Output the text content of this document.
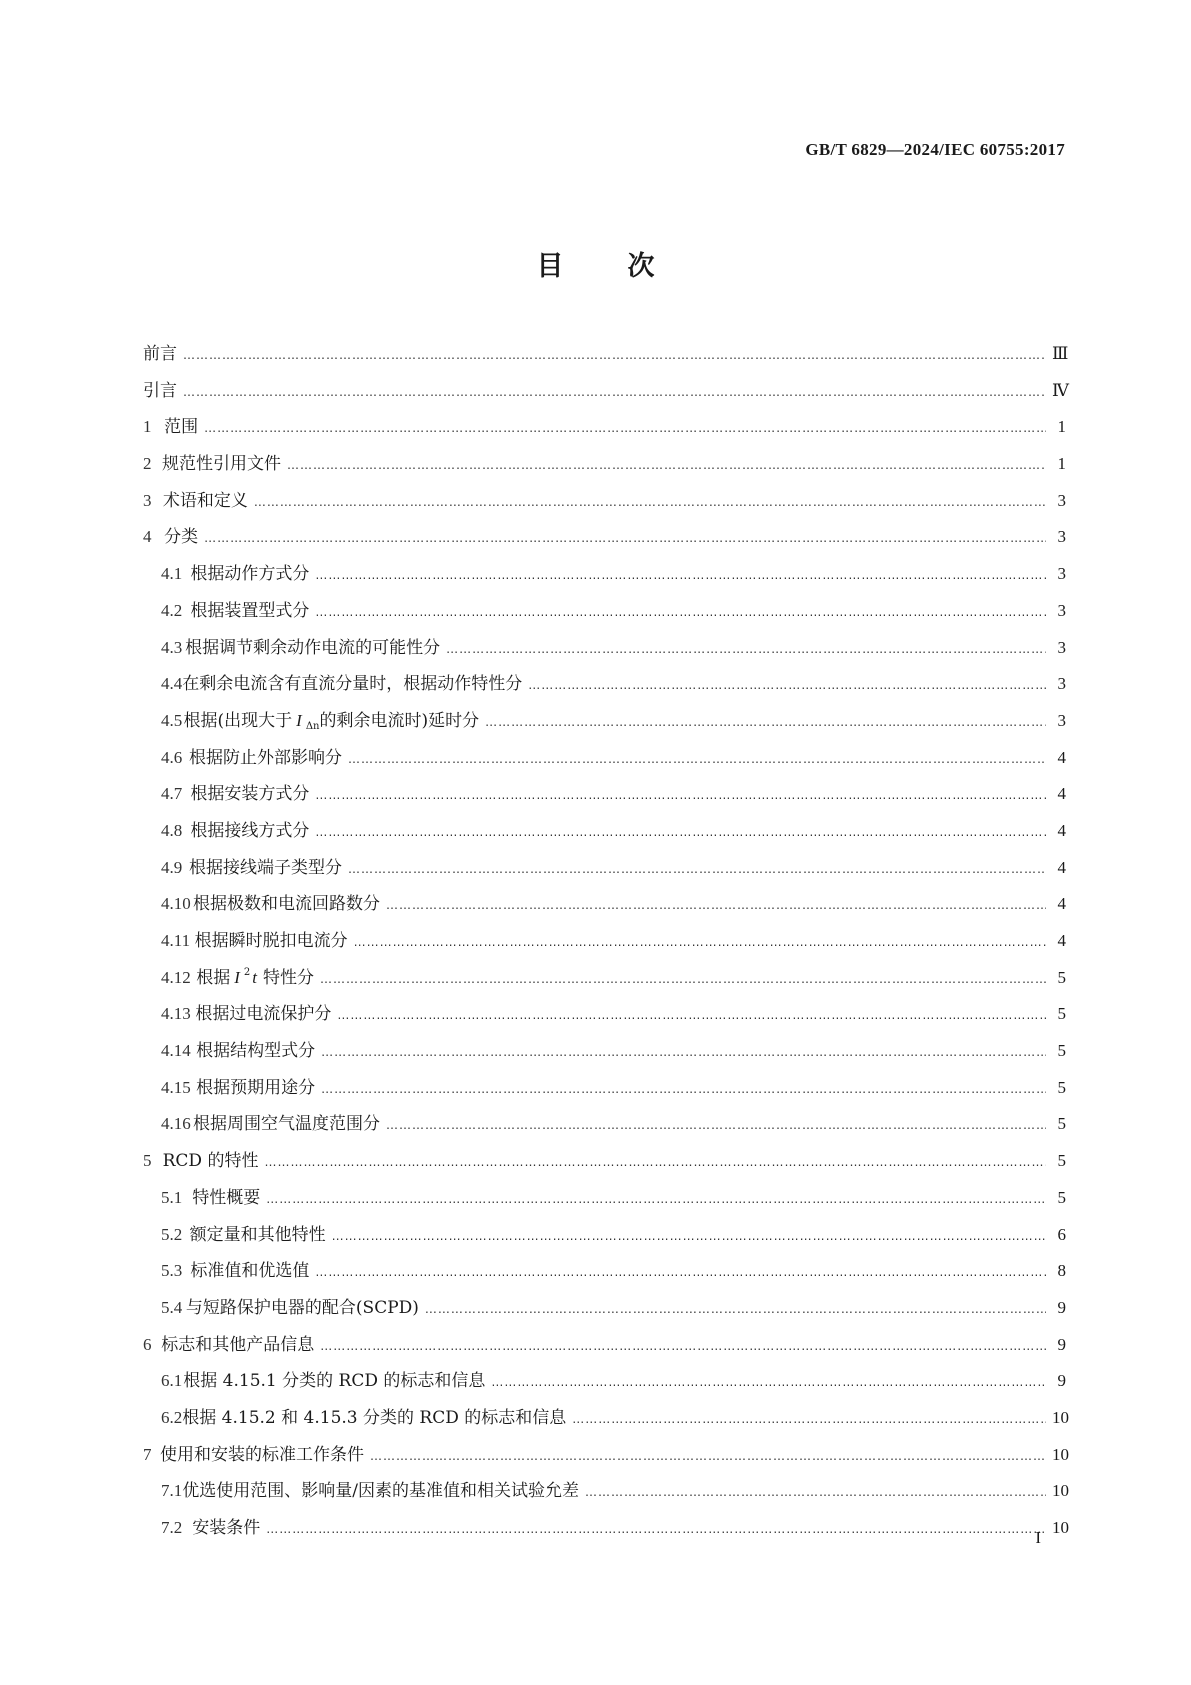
GB/T 6829—2024/IEC 60755:2017
目次
前言 ……………………………………………………………………………………………………………………………………………………………………………………………………………………………………………………	Ⅲ
引言 ……………………………………………………………………………………………………………………………………………………………………………………………………………………………………………………	Ⅳ
1 范围 ……………………………………………………………………………………………………………………………………………………………………………………………………………………………………………………	1
2 规范性引用文件 ……………………………………………………………………………………………………………………………………………………………………………………………………………………………………………………	1
3 术语和定义 ……………………………………………………………………………………………………………………………………………………………………………………………………………………………………………………	3
4 分类 ……………………………………………………………………………………………………………………………………………………………………………………………………………………………………………………	3
4.1 根据动作方式分 ……………………………………………………………………………………………………………………………………………………………………………………………………………………………………………………	3
4.2 根据装置型式分 ……………………………………………………………………………………………………………………………………………………………………………………………………………………………………………………	3
4.3 根据调节剩余动作电流的可能性分 ……………………………………………………………………………………………………………………………………………………………………………………………………………………………………………………	3
4.4 在剩余电流含有直流分量时，根据动作特性分 ……………………………………………………………………………………………………………………………………………………………………………………………………………………………………………………	3
4.5 根据(出现大于 I $_{\Delta n}$的剩余电流时)延时分 ……………………………………………………………………………………………………………………………………………………………………………………………………………………………………………………	3
4.6 根据防止外部影响分 ……………………………………………………………………………………………………………………………………………………………………………………………………………………………………………………	4
4.7 根据安装方式分 ……………………………………………………………………………………………………………………………………………………………………………………………………………………………………………………	4
4.8 根据接线方式分 ……………………………………………………………………………………………………………………………………………………………………………………………………………………………………………………	4
4.9 根据接线端子类型分 ……………………………………………………………………………………………………………………………………………………………………………………………………………………………………………………	4
4.10 根据极数和电流回路数分 ……………………………………………………………………………………………………………………………………………………………………………………………………………………………………………………	4
4.11 根据瞬时脱扣电流分 ……………………………………………………………………………………………………………………………………………………………………………………………………………………………………………………	4
4.12 根据 I $^2$ t 特性分 ……………………………………………………………………………………………………………………………………………………………………………………………………………………………………………………	5
4.13 根据过电流保护分 ……………………………………………………………………………………………………………………………………………………………………………………………………………………………………………………	5
4.14 根据结构型式分 ……………………………………………………………………………………………………………………………………………………………………………………………………………………………………………………	5
4.15 根据预期用途分 ……………………………………………………………………………………………………………………………………………………………………………………………………………………………………………………	5
4.16 根据周围空气温度范围分 ……………………………………………………………………………………………………………………………………………………………………………………………………………………………………………………	5
5 RCD 的特性 ……………………………………………………………………………………………………………………………………………………………………………………………………………………………………………………	5
5.1 特性概要 ……………………………………………………………………………………………………………………………………………………………………………………………………………………………………………………	5
5.2 额定量和其他特性 ……………………………………………………………………………………………………………………………………………………………………………………………………………………………………………………	6
5.3 标准值和优选值 ……………………………………………………………………………………………………………………………………………………………………………………………………………………………………………………	8
5.4 与短路保护电器的配合(SCPD) ……………………………………………………………………………………………………………………………………………………………………………………………………………………………………………………	9
6 标志和其他产品信息 ……………………………………………………………………………………………………………………………………………………………………………………………………………………………………………………	9
6.1 根据 4.15.1 分类的 RCD 的标志和信息 ……………………………………………………………………………………………………………………………………………………………………………………………………………………………………………………	9
6.2 根据 4.15.2 和 4.15.3 分类的 RCD 的标志和信息 ……………………………………………………………………………………………………………………………………………………………………………………………………………………………………………………	10
7 使用和安装的标准工作条件 ……………………………………………………………………………………………………………………………………………………………………………………………………………………………………………………	10
7.1 优选使用范围、影响量/因素的基准值和相关试验允差 ……………………………………………………………………………………………………………………………………………………………………………………………………………………………………………………	10
7.2 安装条件 ……………………………………………………………………………………………………………………………………………………………………………………………………………………………………………………	10
I
